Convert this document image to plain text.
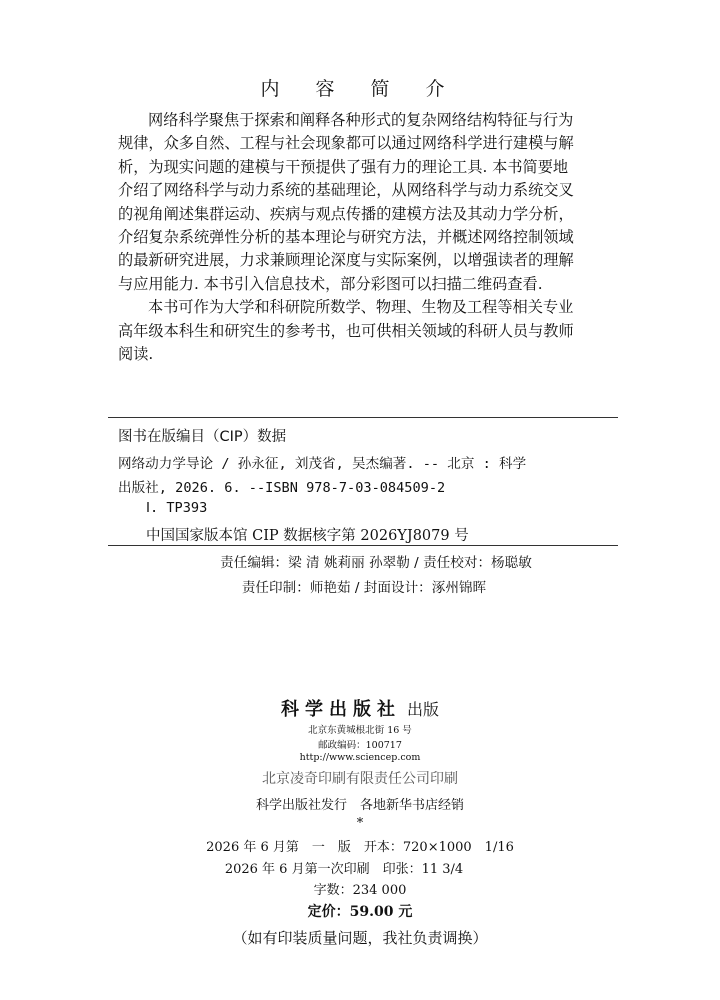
内 容 简 介
网络科学聚焦于探索和阐释各种形式的复杂网络结构特征与行为
规律，众多自然、工程与社会现象都可以通过网络科学进行建模与解
析，为现实问题的建模与干预提供了强有力的理论工具. 本书简要地
介绍了网络科学与动力系统的基础理论，从网络科学与动力系统交叉
的视角阐述集群运动、疾病与观点传播的建模方法及其动力学分析，
介绍复杂系统弹性分析的基本理论与研究方法，并概述网络控制领域
的最新研究进展，力求兼顾理论深度与实际案例，以增强读者的理解
与应用能力. 本书引入信息技术，部分彩图可以扫描二维码查看.
本书可作为大学和科研院所数学、物理、生物及工程等相关专业
高年级本科生和研究生的参考书，也可供相关领域的科研人员与教师
阅读.
图书在版编目（CIP）数据
网络动力学导论 / 孙永征, 刘茂省, 吴杰编著. -- 北京 : 科学
出版社, 2026. 6. --ISBN 978-7-03-084509-2
Ⅰ. TP393
中国国家版本馆 CIP 数据核字第 2026YJ8079 号
责任编辑：梁 清 姚莉丽 孙翠勒 / 责任校对：杨聪敏
责任印制：师艳茹 / 封面设计：涿州锦晖
科学出版社 出版
北京东黄城根北街 16 号
邮政编码：100717
http://www.sciencep.com
北京凌奇印刷有限责任公司印刷
科学出版社发行　各地新华书店经销
*
2026 年 6 月第　一　版　开本：720×1000　1/16
2026 年 6 月第一次印刷　印张：11 3/4
字数：234 000
定价：59.00 元
（如有印装质量问题，我社负责调换）
